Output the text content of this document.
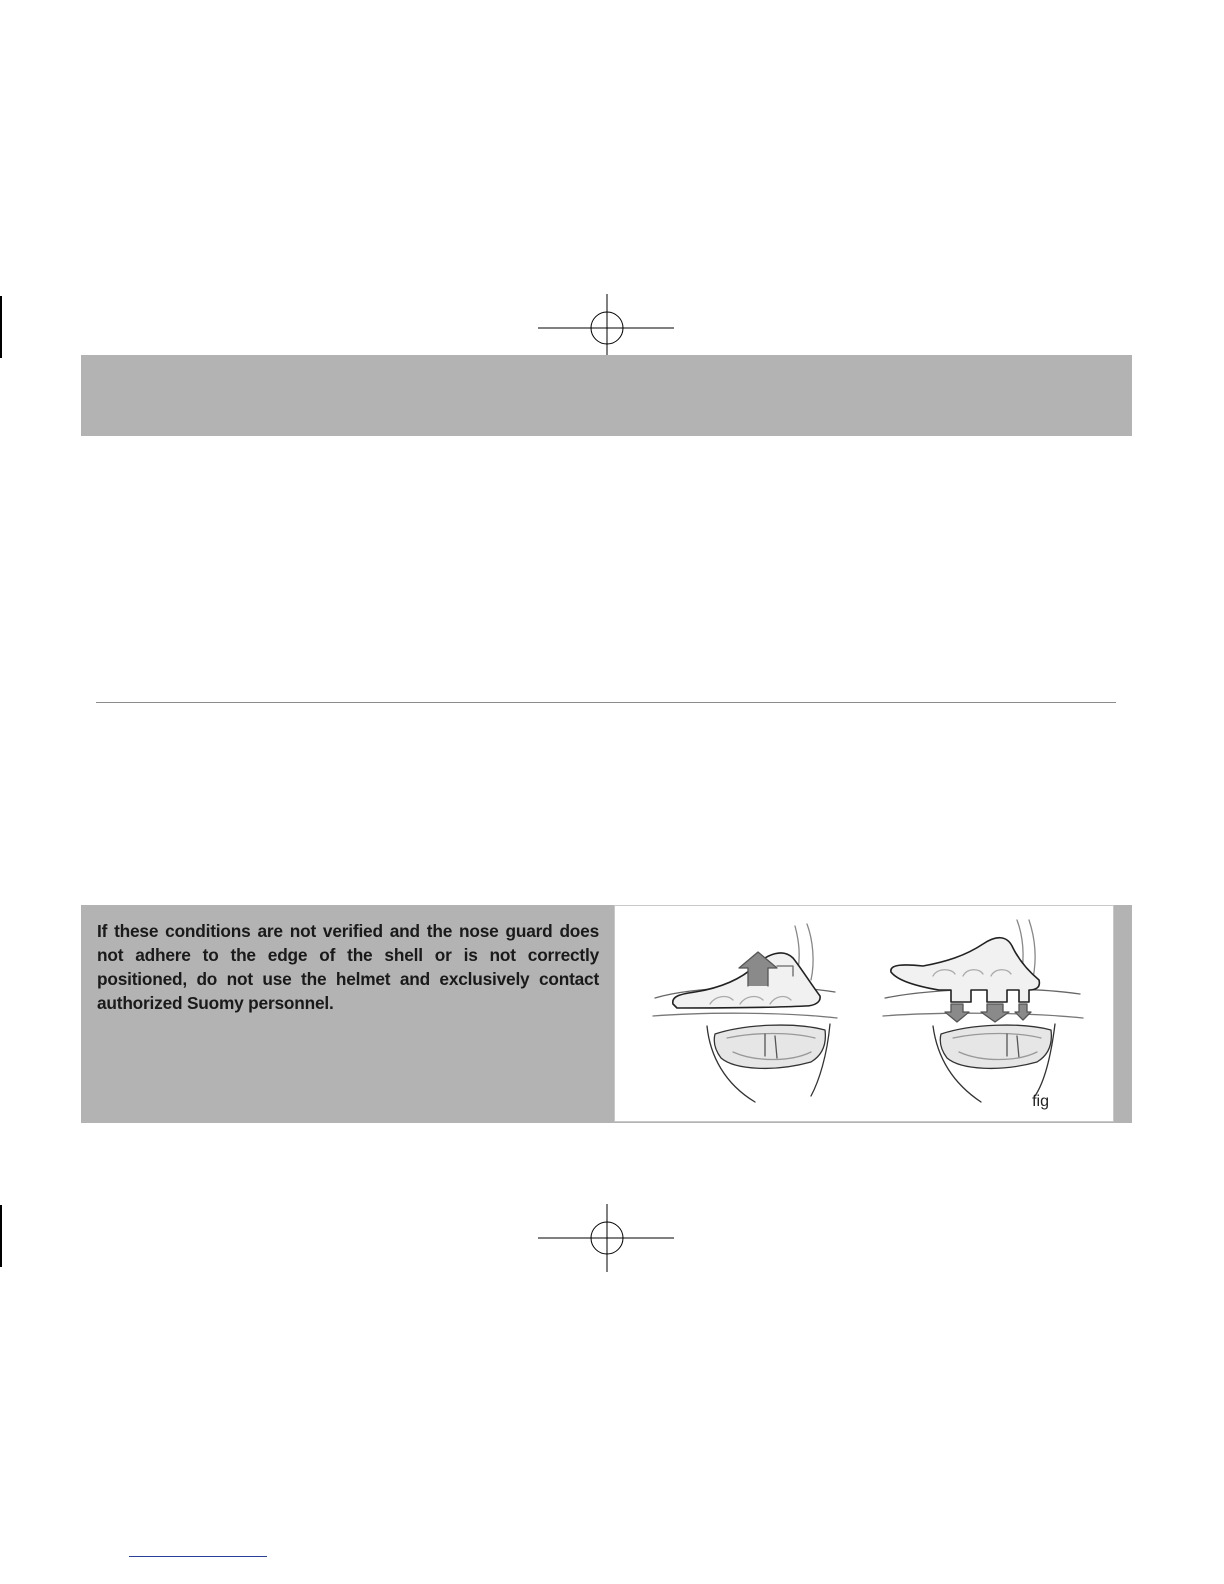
If these conditions are not verified and the nose guard does not adhere to the edge of the shell or is not correctly positioned, do not use the helmet and exclusively contact authorized Suomy personnel.

fig
